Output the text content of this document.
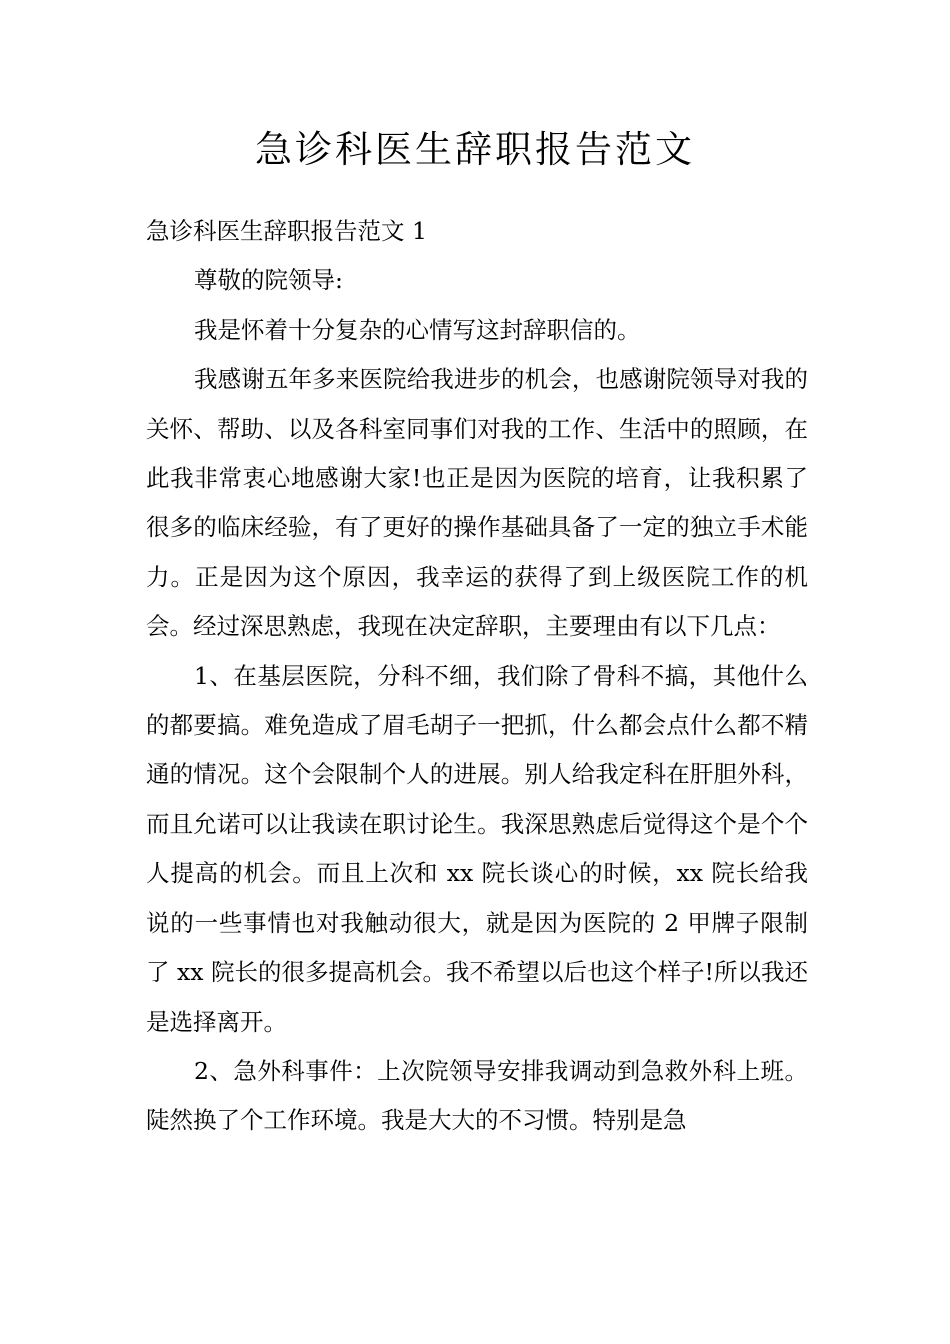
急诊科医生辞职报告范文

急诊科医生辞职报告范文 1

尊敬的院领导:

我是怀着十分复杂的心情写这封辞职信的。

我感谢五年多来医院给我进步的机会，也感谢院领导对我的关怀、帮助、以及各科室同事们对我的工作、生活中的照顾，在此我非常衷心地感谢大家!也正是因为医院的培育，让我积累了很多的临床经验，有了更好的操作基础具备了一定的独立手术能力。正是因为这个原因，我幸运的获得了到上级医院工作的机会。经过深思熟虑，我现在决定辞职，主要理由有以下几点：

1、在基层医院，分科不细，我们除了骨科不搞，其他什么的都要搞。难免造成了眉毛胡子一把抓，什么都会点什么都不精通的情况。这个会限制个人的进展。别人给我定科在肝胆外科，而且允诺可以让我读在职讨论生。我深思熟虑后觉得这个是个个人提高的机会。而且上次和 xx 院长谈心的时候，xx 院长给我说的一些事情也对我触动很大，就是因为医院的 2 甲牌子限制了 xx 院长的很多提高机会。我不希望以后也这个样子!所以我还是选择离开。

2、急外科事件：上次院领导安排我调动到急救外科上班。陡然换了个工作环境。我是大大的不习惯。特别是急
